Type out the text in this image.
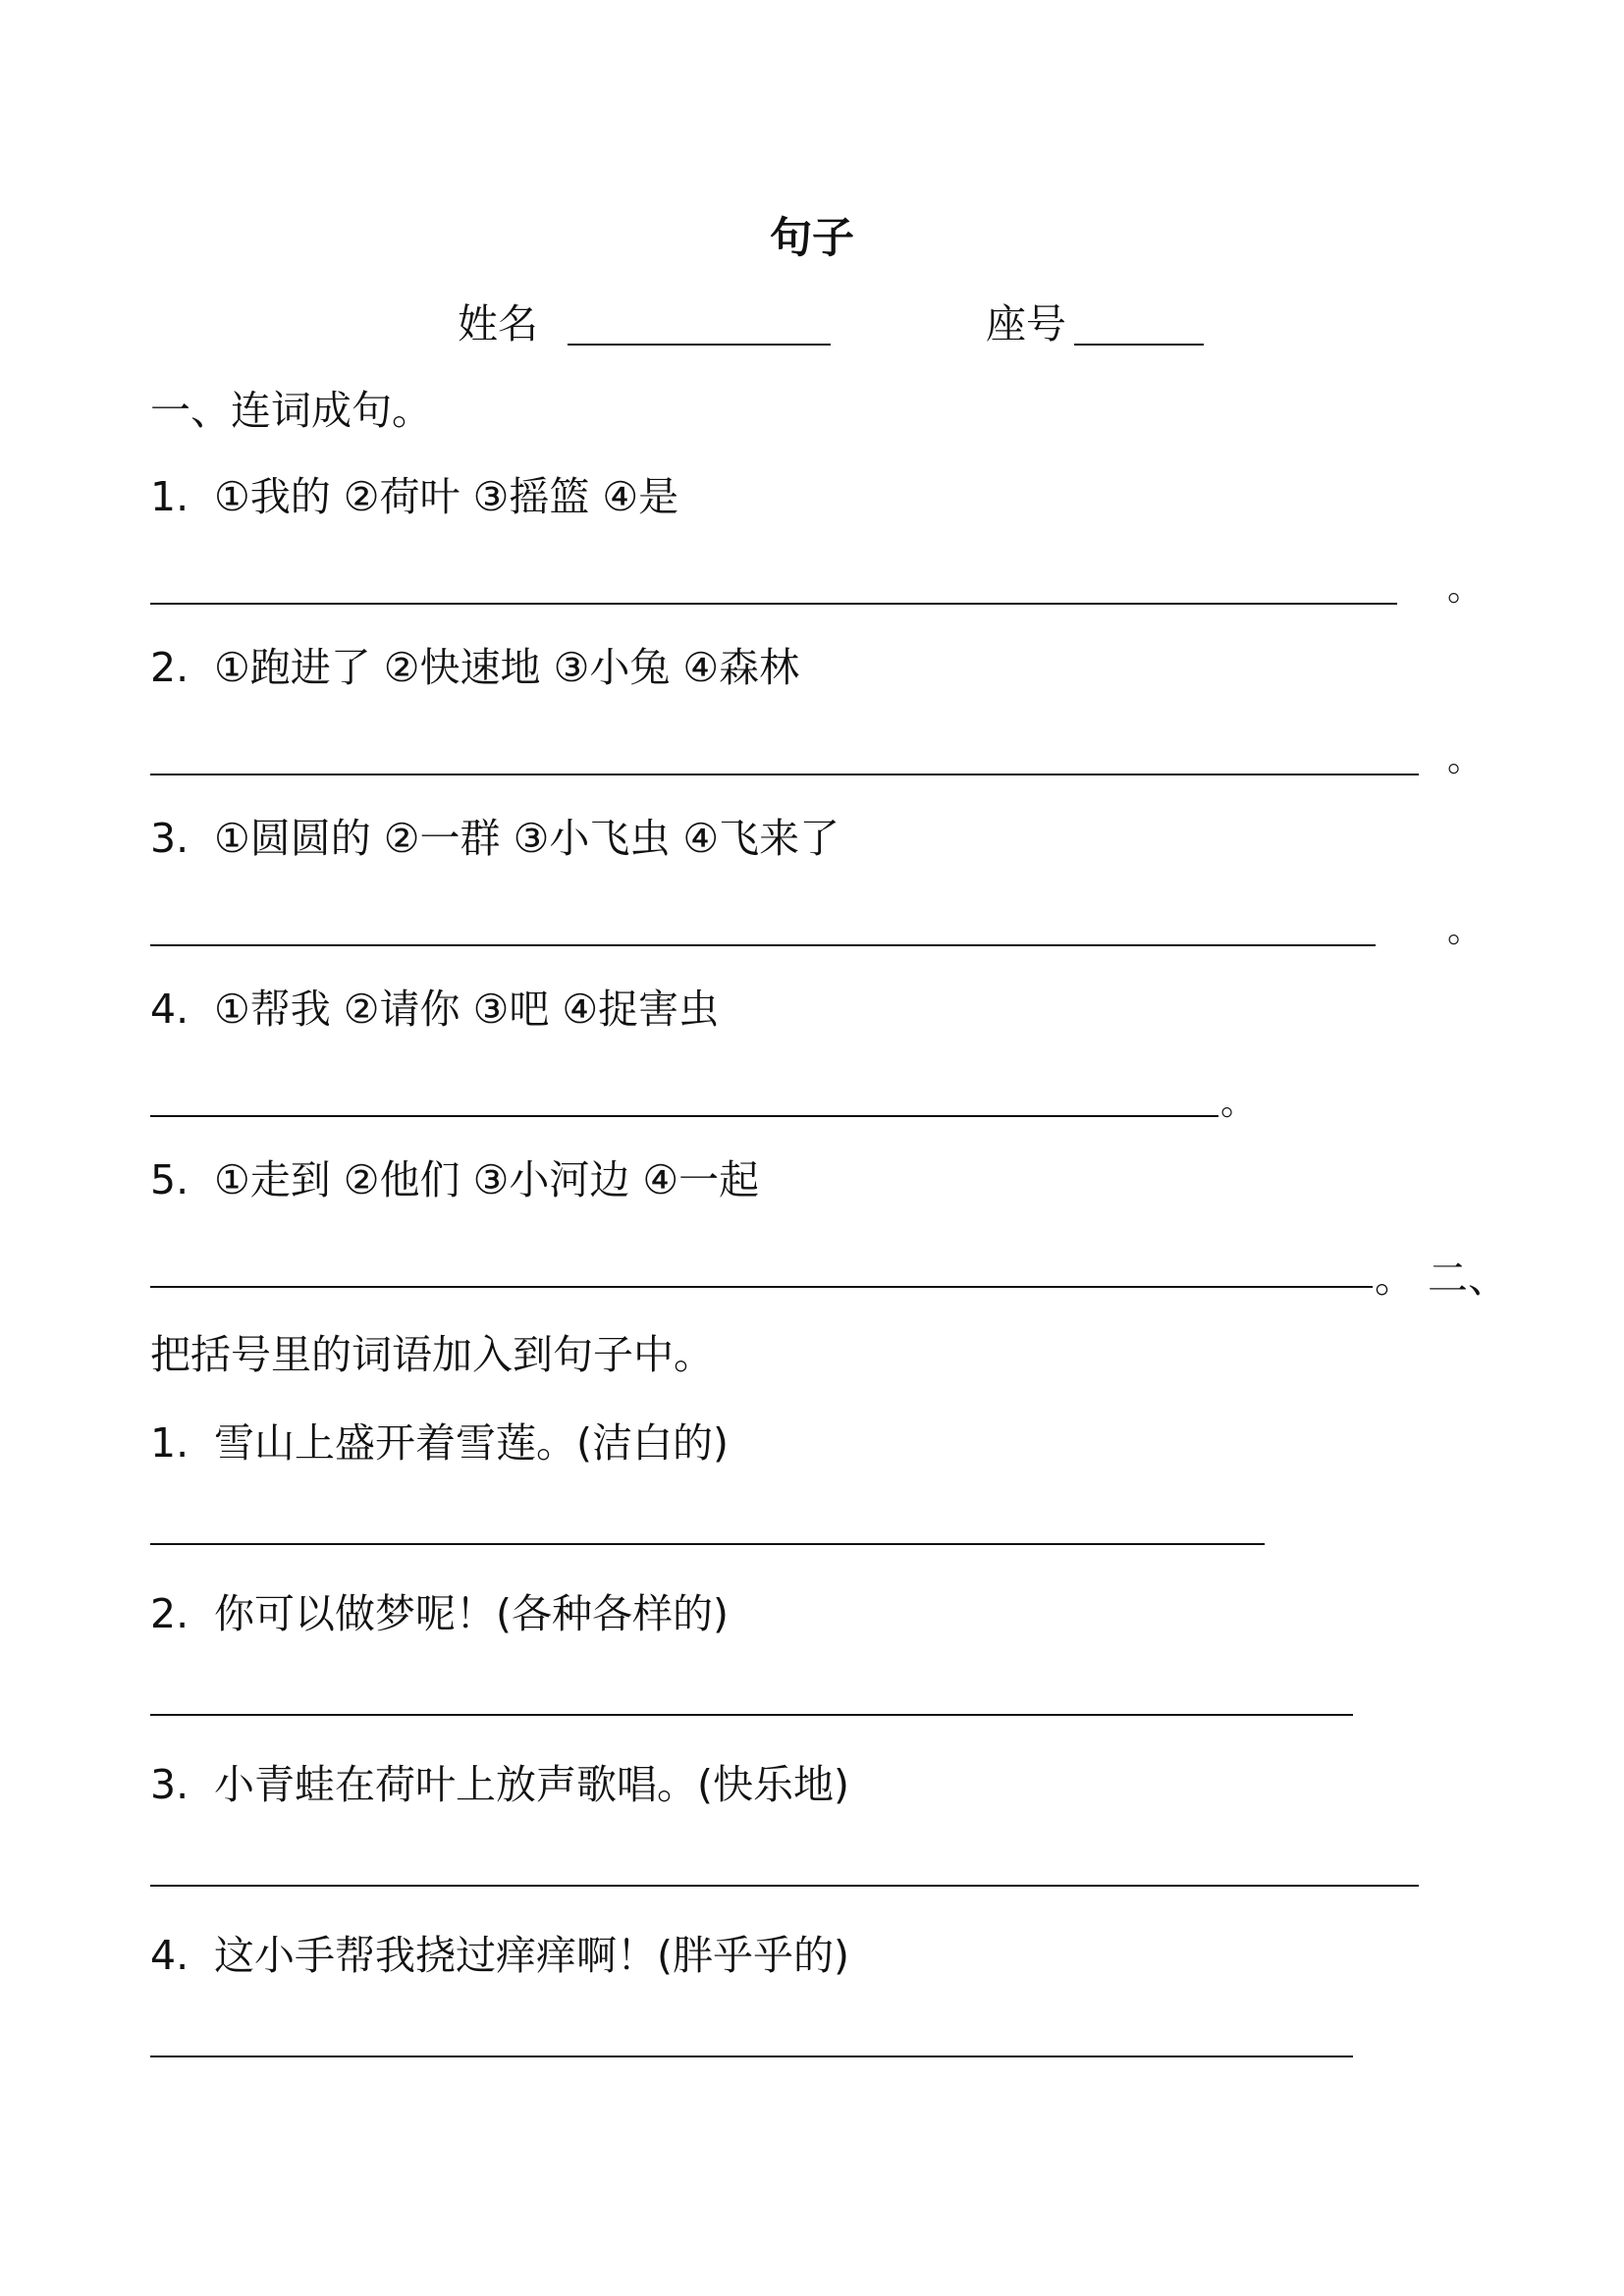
句子
姓名	座号
一、连词成句。
1. ①我的 ②荷叶 ③摇篮 ④是
。
2. ①跑进了 ②快速地 ③小兔 ④森林
。
3. ①圆圆的 ②一群 ③小飞虫 ④飞来了
。
4. ①帮我 ②请你 ③吧 ④捉害虫
。
5. ①走到 ②他们 ③小河边 ④一起
。 二、
把括号里的词语加入到句子中。
1. 雪山上盛开着雪莲。(洁白的)
2. 你可以做梦呢！(各种各样的)
3. 小青蛙在荷叶上放声歌唱。(快乐地)
4. 这小手帮我挠过痒痒啊！(胖乎乎的)
